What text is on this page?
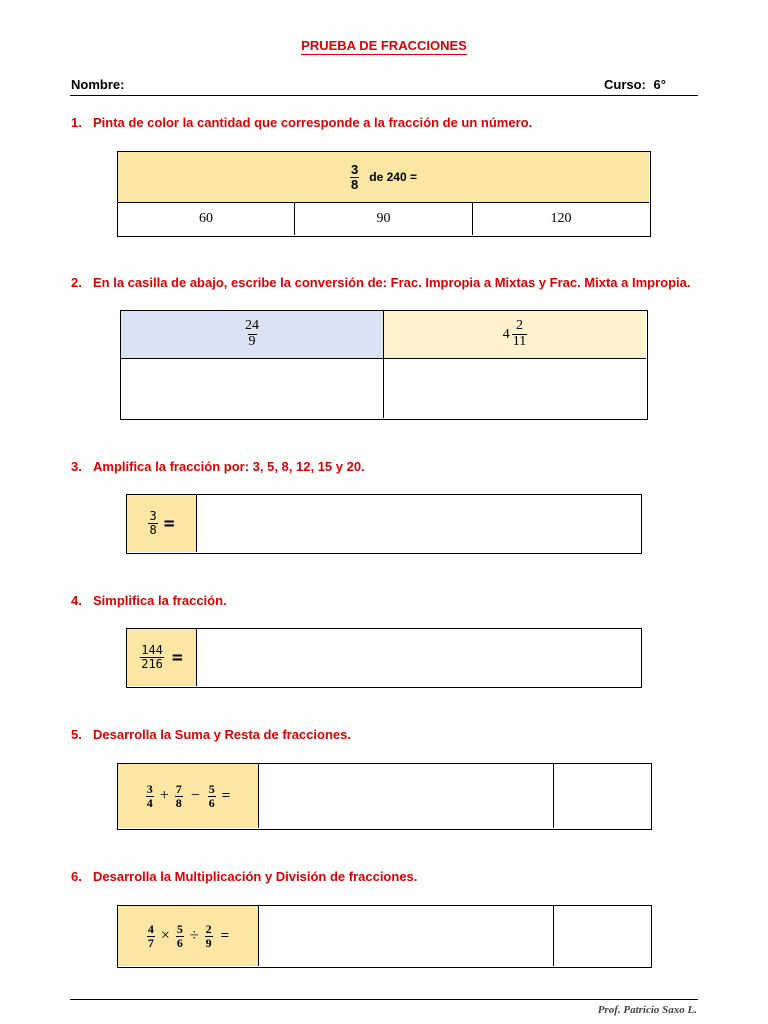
PRUEBA DE FRACCIONES
Nombre:	Curso: 6°
1. Pinta de color la cantidad que corresponde a la fracción de un número.
$\frac{3}{8}$ de 240 =
60	90	120
2. En la casilla de abajo, escribe la conversión de: Frac. Impropia a Mixtas y Frac. Mixta a Impropia.
$\frac{24}{9}$	$4 \frac{2}{11}$
3. Amplifica la fracción por: 3, 5, 8, 12, 15 y 20.
$\frac{3}{8}$ =
4. Simplifica la fracción.
$\frac{144}{216}$ =
5. Desarrolla la Suma y Resta de fracciones.
$\frac{3}{4} + \frac{7}{8} - \frac{5}{6}$ =
6. Desarrolla la Multiplicación y División de fracciones.
$\frac{4}{7} \times \frac{5}{6} \div \frac{2}{9}$ =
Prof. Patricio Saxo L.
